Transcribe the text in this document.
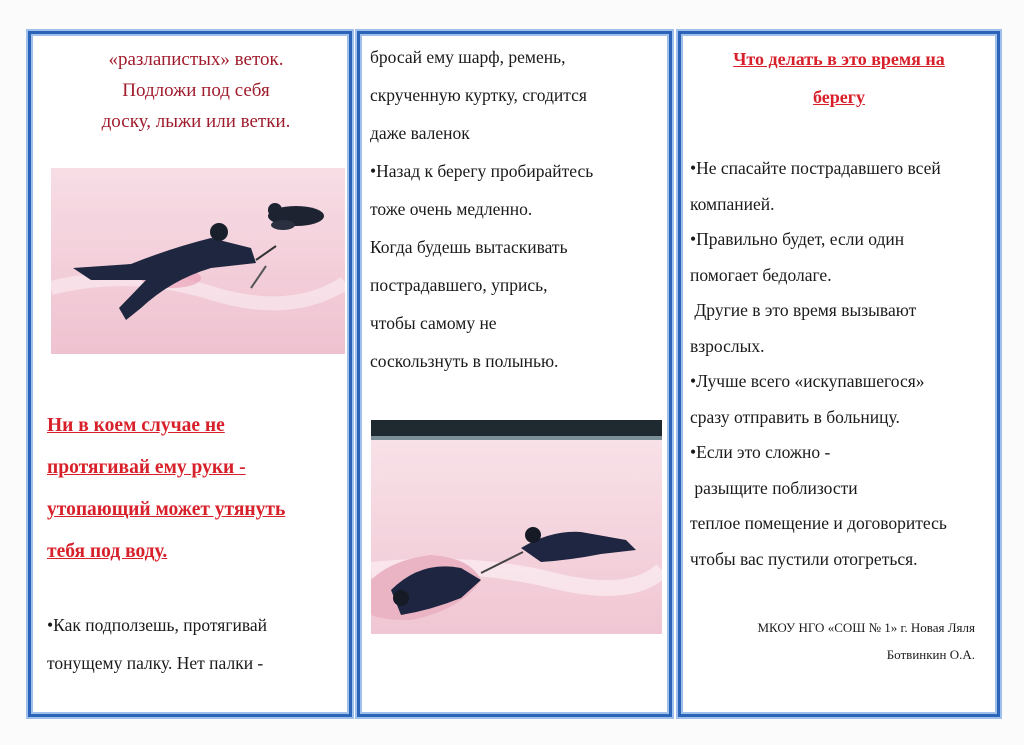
«разлапистых» веток.
Подложи под себя
доску, лыжи или ветки.
Ни в коем случае не
протягивай ему руки -
утопающий может утянуть
тебя под воду.
•Как подползешь, протягивай
тонущему палку. Нет палки -
бросай ему шарф, ремень,
скрученную куртку, сгодится
даже валенок
•Назад к берегу пробирайтесь
тоже очень медленно.
Когда будешь вытаскивать
пострадавшего, упрись,
чтобы самому не
соскользнуть в полынью.
Что делать в это время на
берегу
•Не спасайте пострадавшего всей
компанией.
•Правильно будет, если один
помогает бедолаге.
Другие в это время вызывают
взрослых.
•Лучше всего «искупавшегося»
сразу отправить в больницу.
•Если это сложно -
разыщите поблизости
теплое помещение и договоритесь
чтобы вас пустили отогреться.
МКОУ НГО «СОШ № 1» г. Новая Ляля
Ботвинкин О.А.
